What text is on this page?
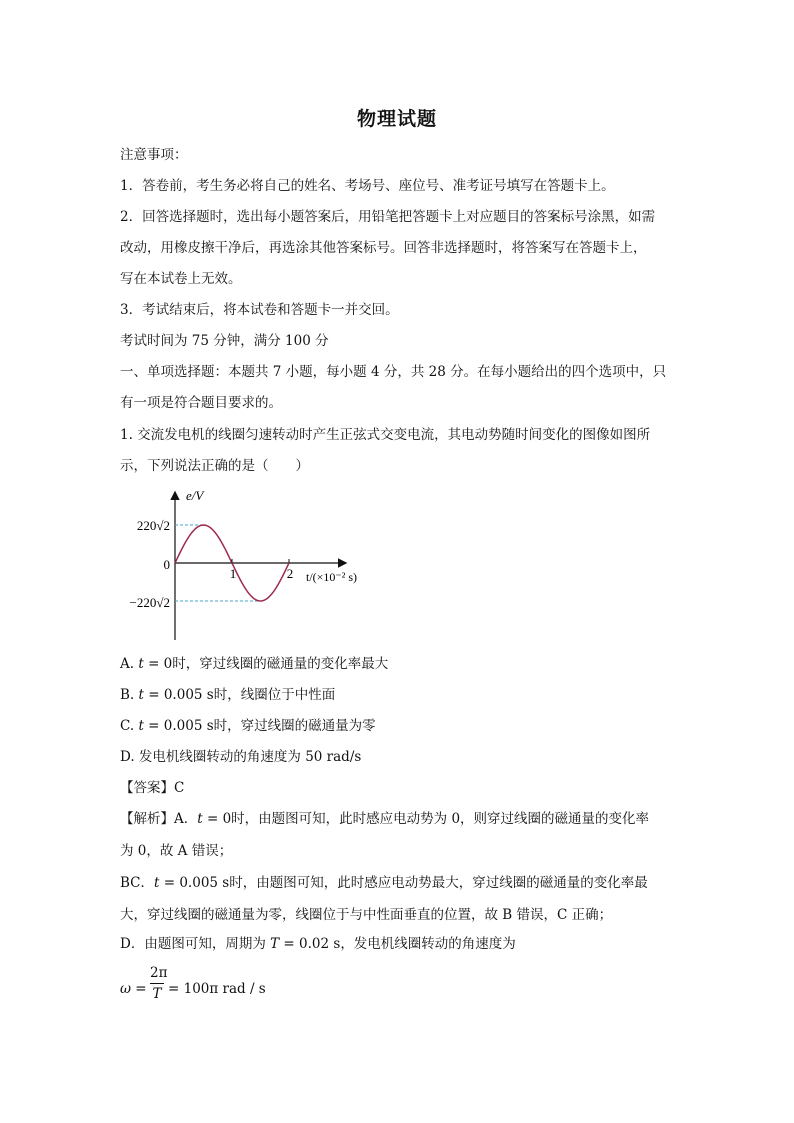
物理试题
注意事项：
1．答卷前，考生务必将自己的姓名、考场号、座位号、准考证号填写在答题卡上。
2．回答选择题时，选出每小题答案后，用铅笔把答题卡上对应题目的答案标号涂黑，如需
改动，用橡皮擦干净后，再选涂其他答案标号。回答非选择题时，将答案写在答题卡上，
写在本试卷上无效。
3．考试结束后，将本试卷和答题卡一并交回。
考试时间为 75 分钟，满分 100 分
一、单项选择题：本题共 7 小题，每小题 4 分，共 28 分。在每小题给出的四个选项中，只
有一项是符合题目要求的。
1. 交流发电机的线圈匀速转动时产生正弦式交变电流，其电动势随时间变化的图像如图所
示，下列说法正确的是（　　）
e/V
220√2
0
−220√2
1	2 t/(×10⁻² s)
A. t = 0时，穿过线圈的磁通量的变化率最大
B. t = 0.005 s时，线圈位于中性面
C. t = 0.005 s时，穿过线圈的磁通量为零
D. 发电机线圈转动的角速度为 50 rad/s
【答案】C
【解析】A．t = 0时，由题图可知，此时感应电动势为 0，则穿过线圈的磁通量的变化率
为 0，故 A 错误；
BC．t = 0.005 s时，由题图可知，此时感应电动势最大，穿过线圈的磁通量的变化率最
大，穿过线圈的磁通量为零，线圈位于与中性面垂直的位置，故 B 错误，C 正确；
D．由题图可知，周期为 T = 0.02 s，发电机线圈转动的角速度为
ω =
2π
T = 100π rad / s
